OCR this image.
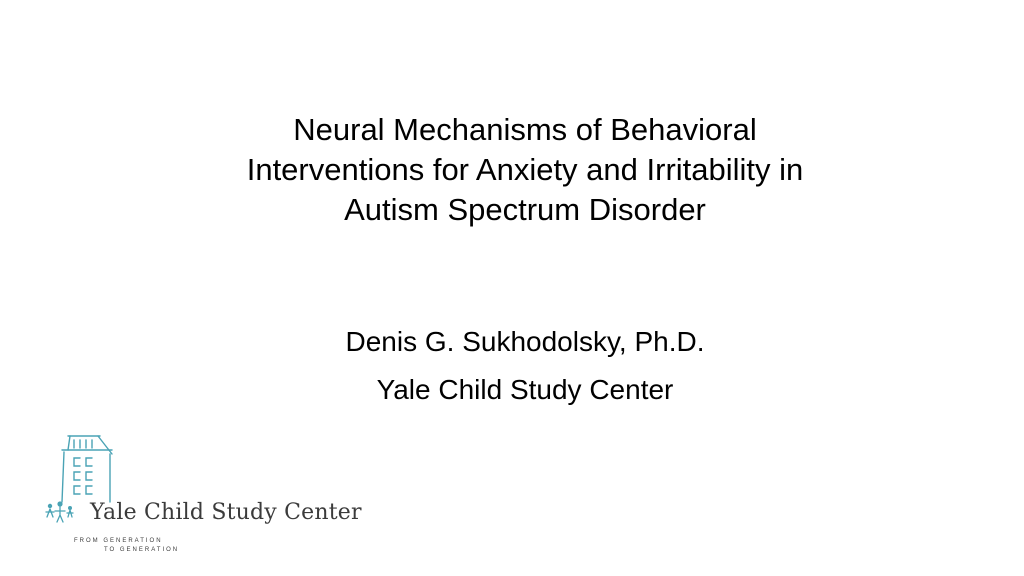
Neural Mechanisms of Behavioral
Interventions for Anxiety and Irritability in
Autism Spectrum Disorder
Denis G. Sukhodolsky, Ph.D.
Yale Child Study Center
Yale Child Study Center
FROM GENERATION
TO GENERATION
